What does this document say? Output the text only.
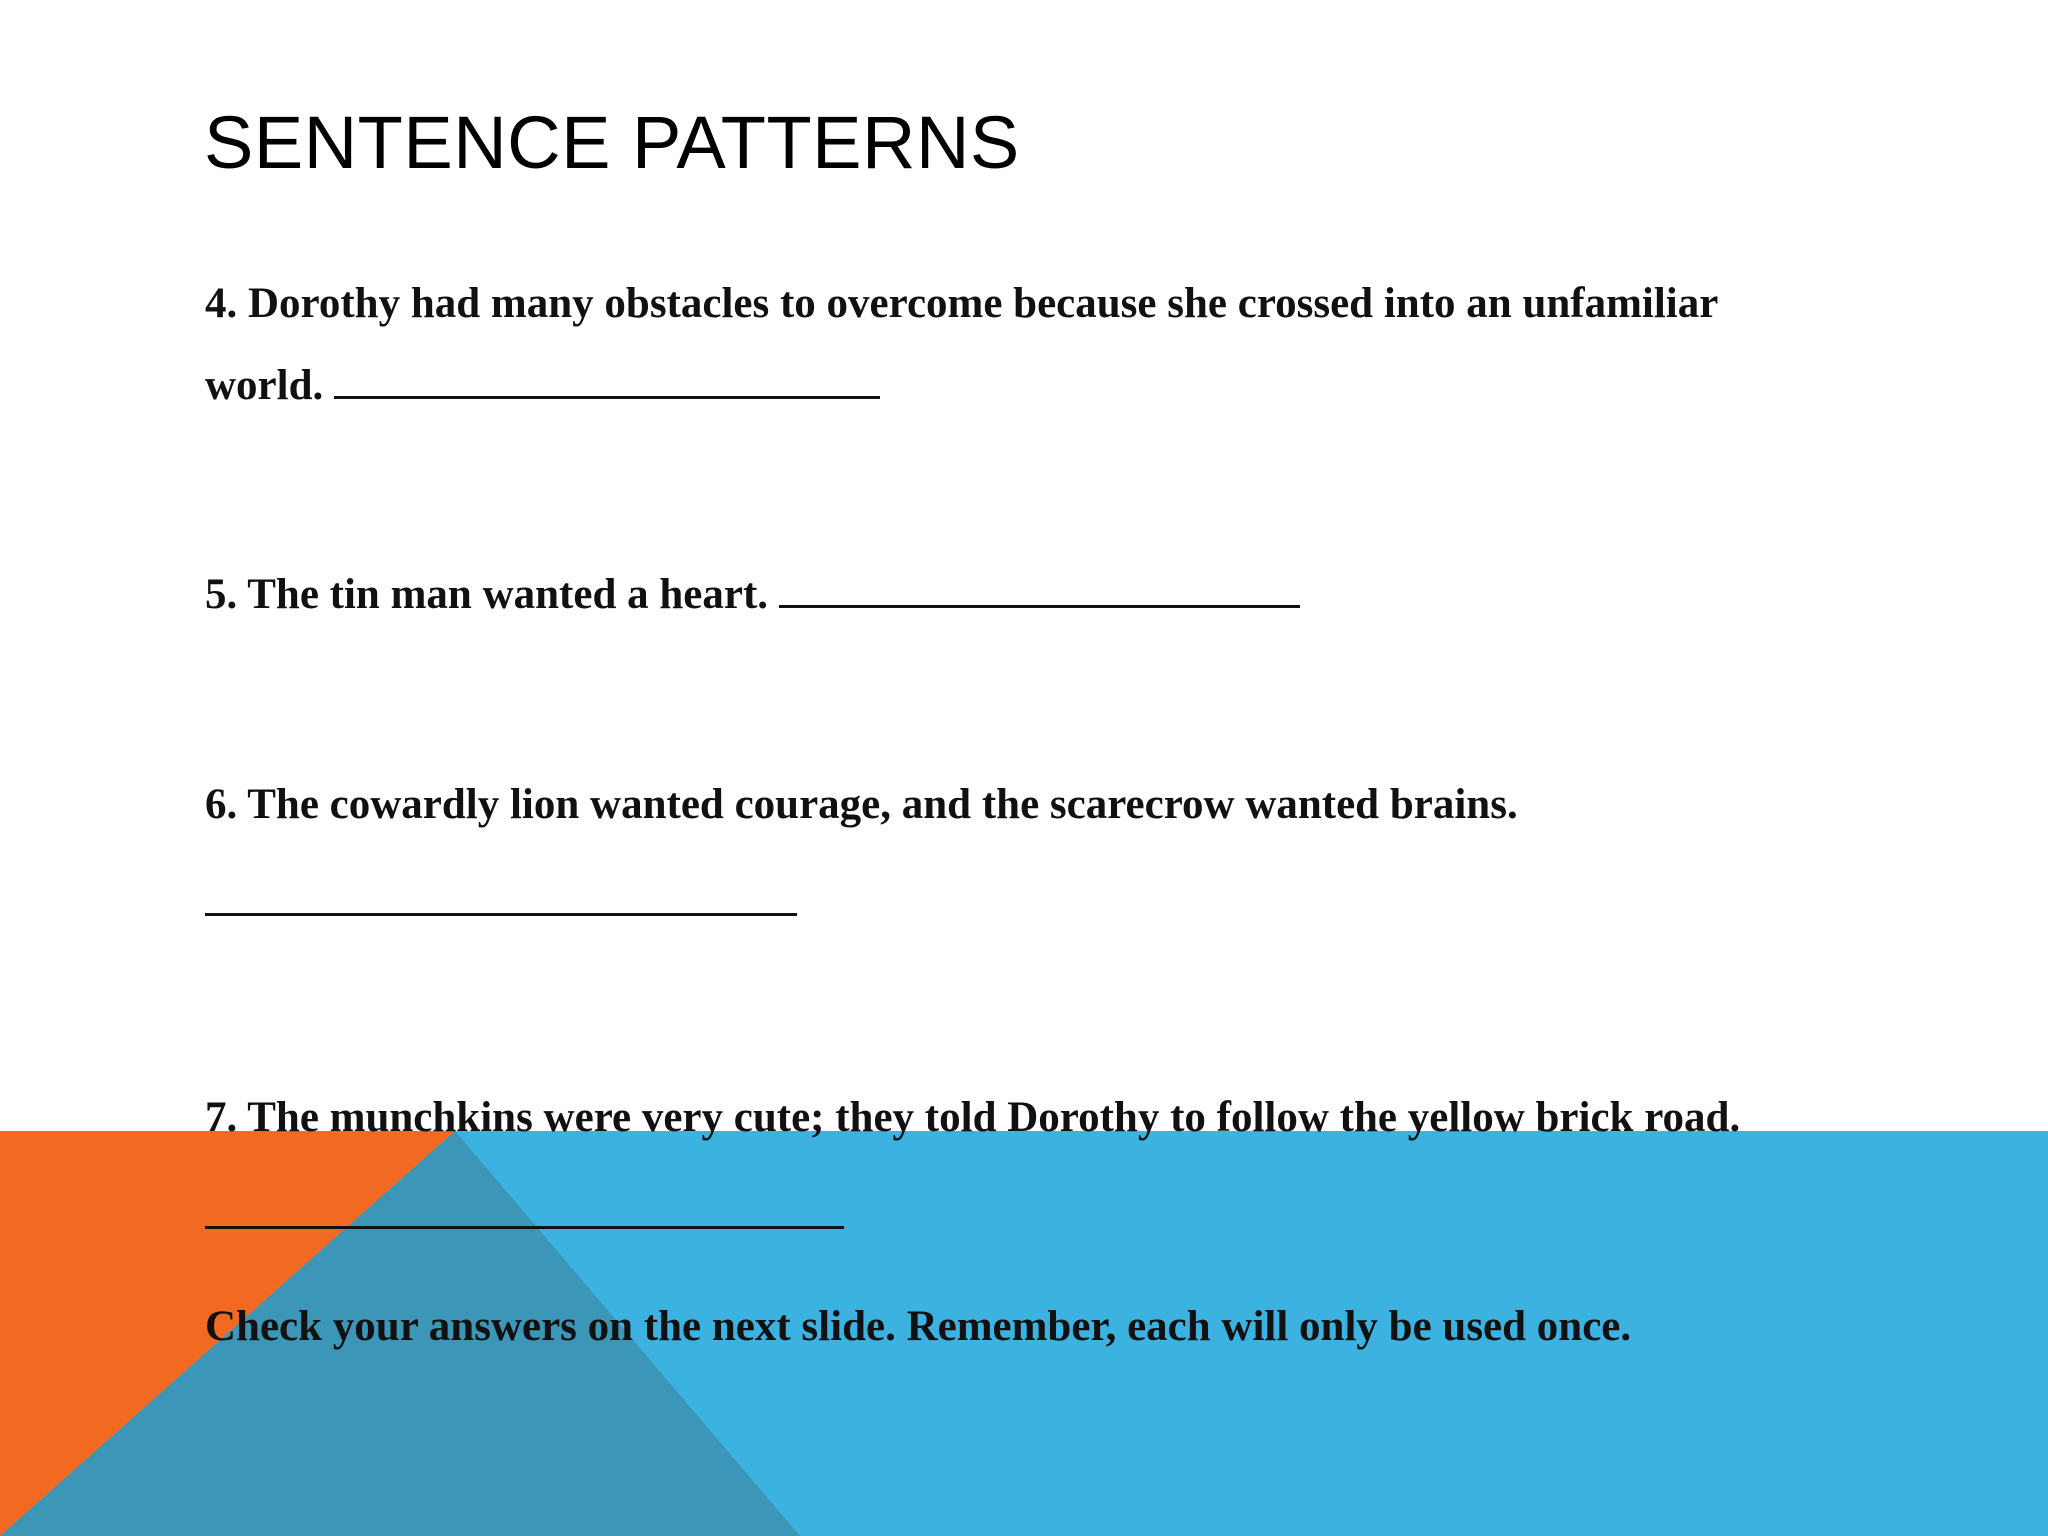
SENTENCE PATTERNS

4. Dorothy had many obstacles to overcome because she crossed into an unfamiliar

world.

5. The tin man wanted a heart.

6. The cowardly lion wanted courage, and the scarecrow wanted brains.

7. The munchkins were very cute; they told Dorothy to follow the yellow brick road.

Check your answers on the next slide. Remember, each will only be used once.
